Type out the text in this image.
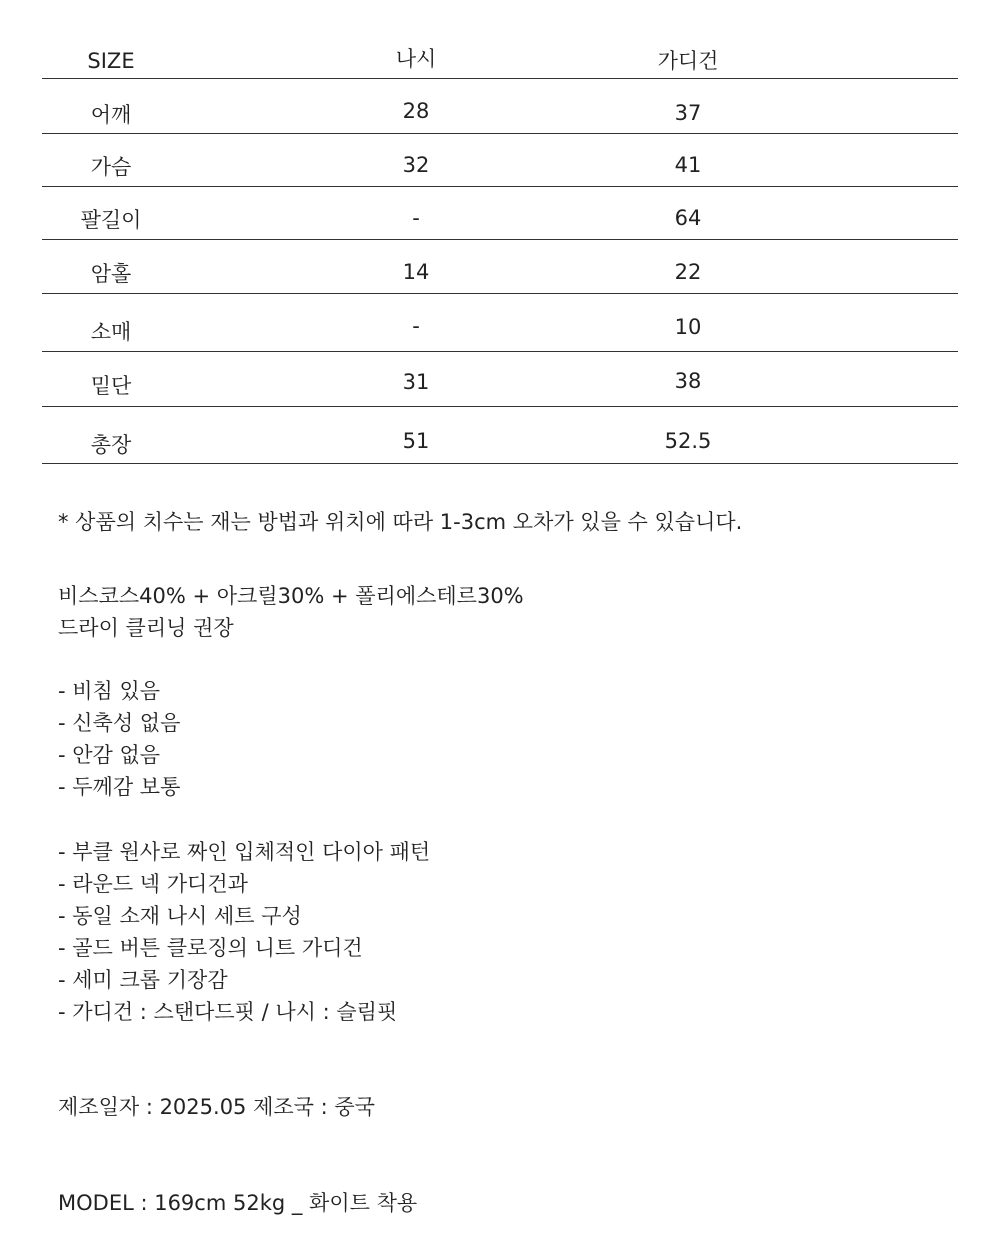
SIZE	나시	가디건
어깨	28	37
가슴	32	41
팔길이	-	64
암홀	14	22
소매	-	10
밑단	31	38
총장	51	52.5
* 상품의 치수는 재는 방법과 위치에 따라 1-3cm 오차가 있을 수 있습니다.
비스코스40% + 아크릴30% + 폴리에스테르30%
드라이 클리닝 권장
- 비침 있음
- 신축성 없음
- 안감 없음
- 두께감 보통
- 부클 원사로 짜인 입체적인 다이아 패턴
- 라운드 넥 가디건과
- 동일 소재 나시 세트 구성
- 골드 버튼 클로징의 니트 가디건
- 세미 크롭 기장감
- 가디건 : 스탠다드핏 / 나시 : 슬림핏
제조일자 : 2025.05 제조국 : 중국
MODEL : 169cm 52kg _ 화이트 착용
